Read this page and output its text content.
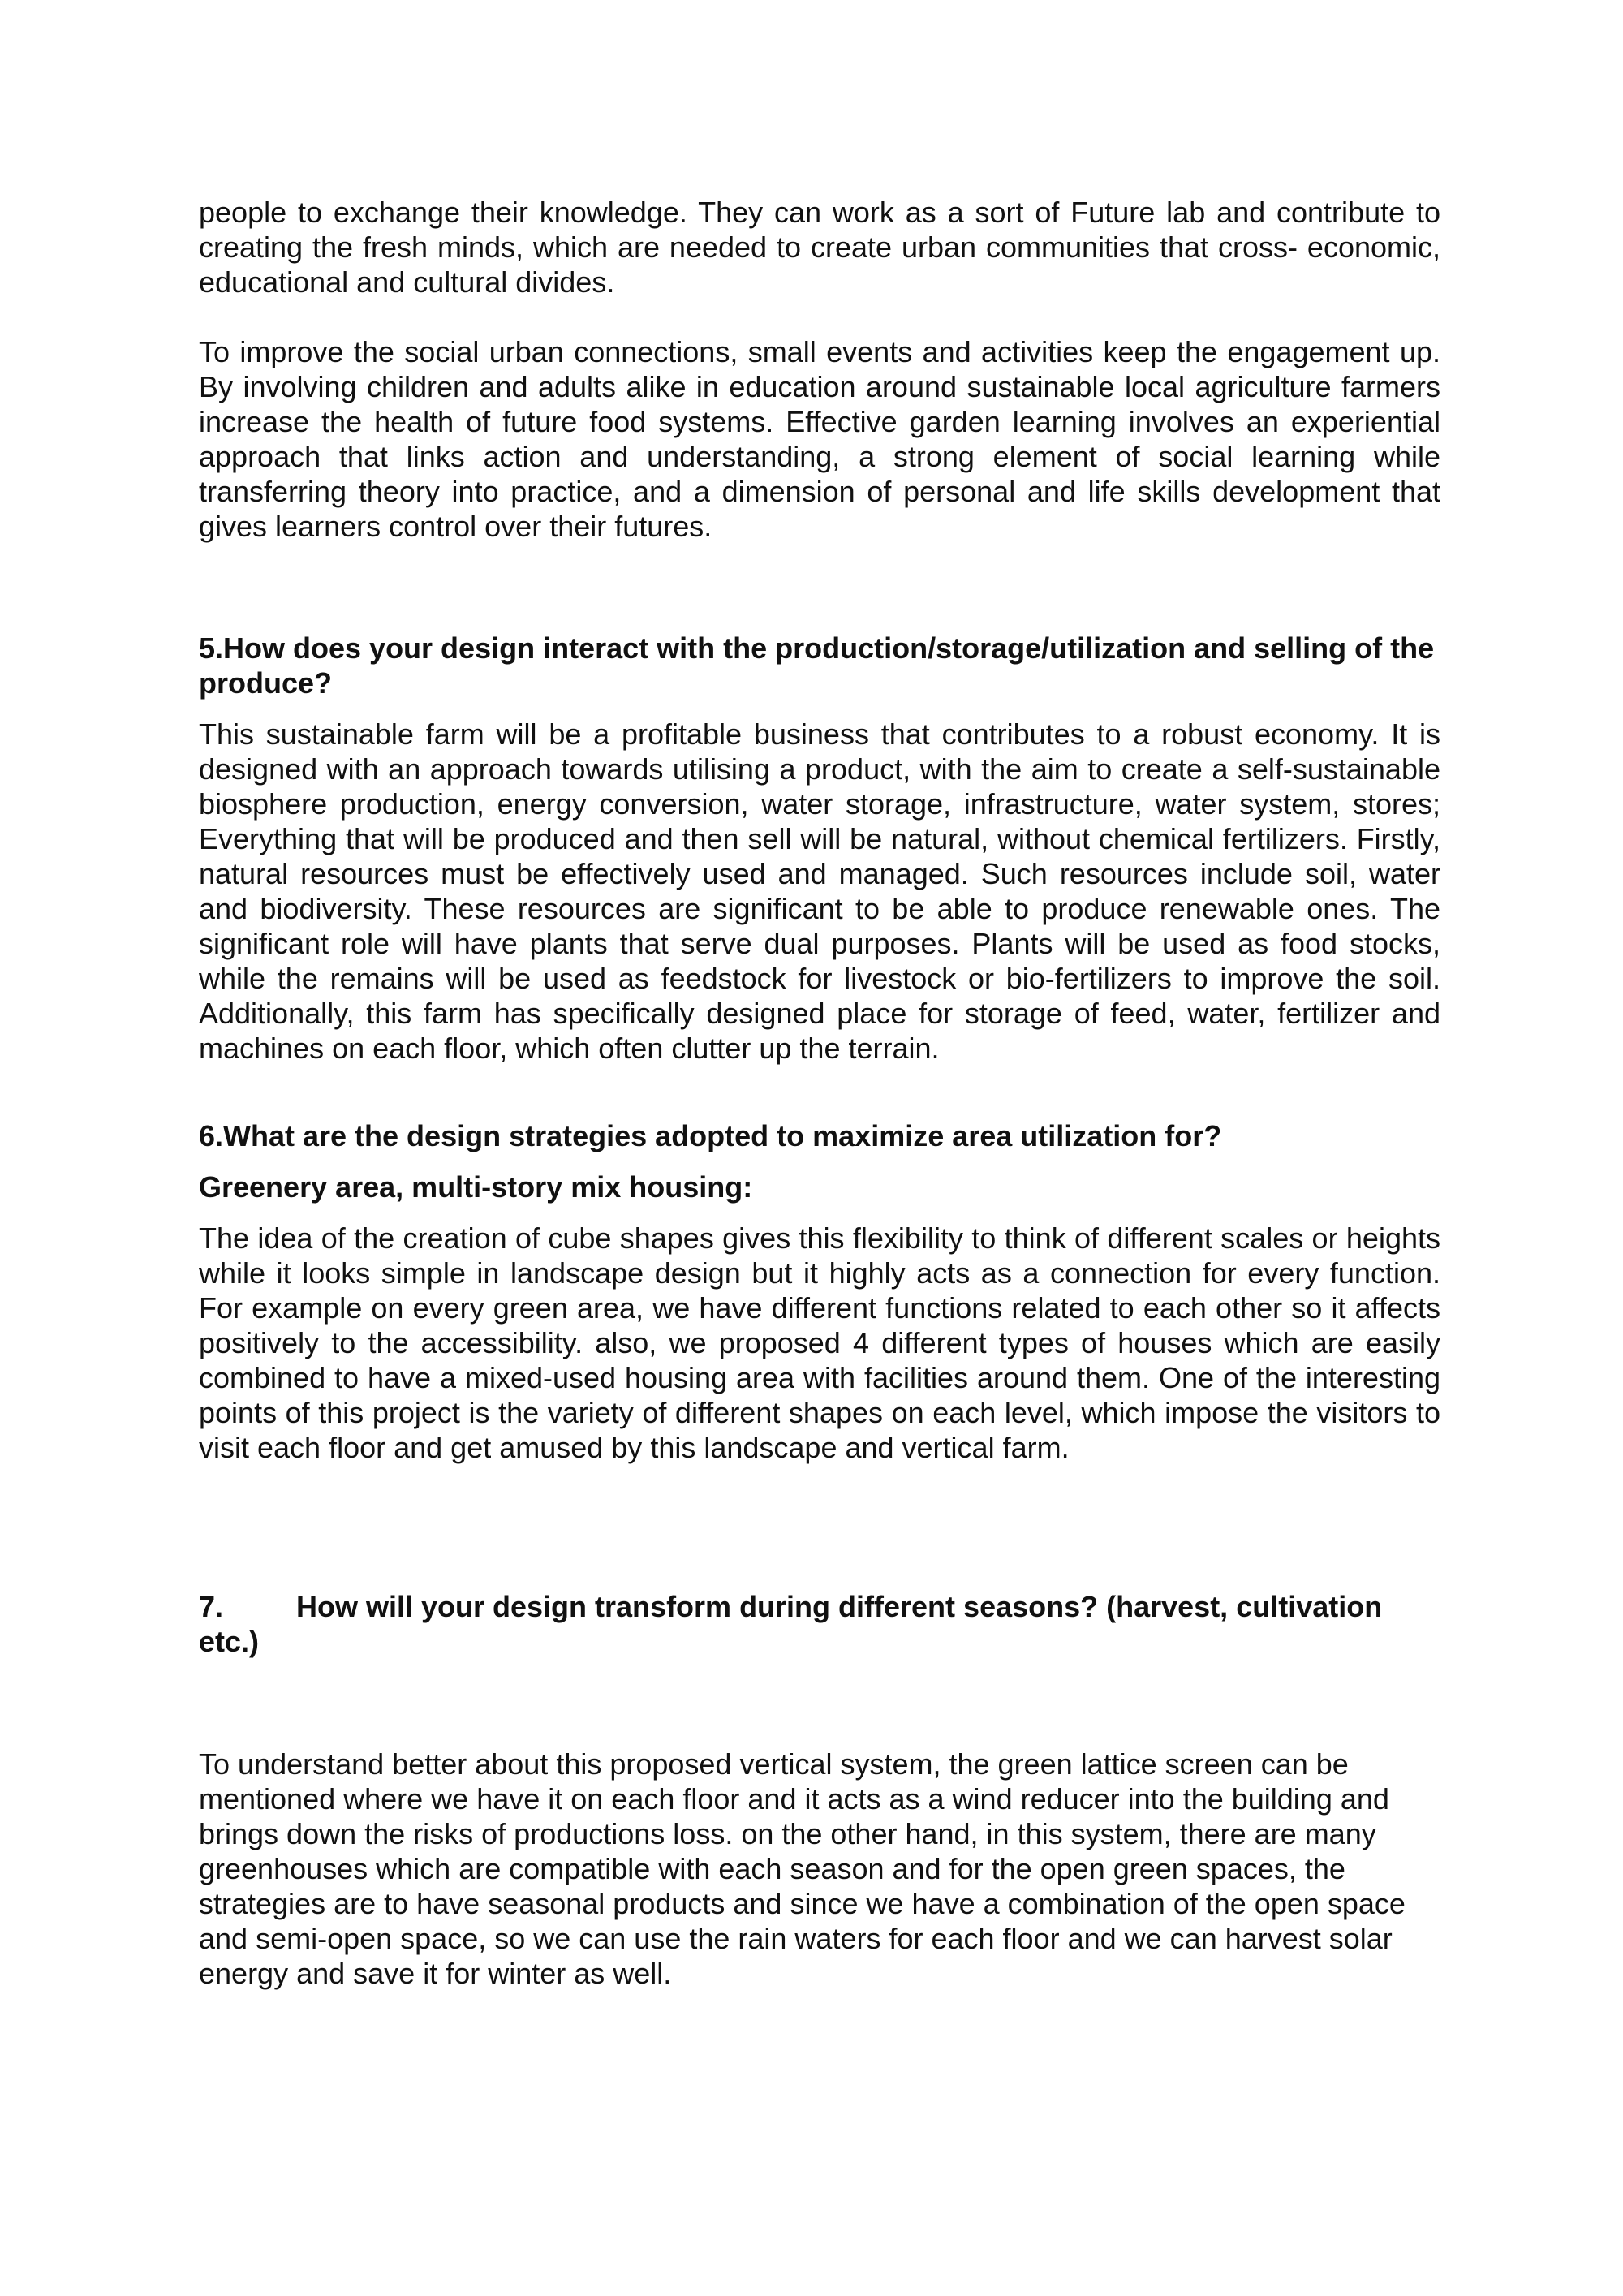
people to exchange their knowledge. They can work as a sort of Future lab and contribute to creating the fresh minds, which are needed to create urban communities that cross- economic, educational and cultural divides.

To improve the social urban connections, small events and activities keep the engagement up. By involving children and adults alike in education around sustainable local agriculture farmers increase the health of future food systems. Effective garden learning involves an experiential approach that links action and understanding, a strong element of social learning while transferring theory into practice, and a dimension of personal and life skills development that gives learners control over their futures.

5.How does your design interact with the production/storage/utilization and selling of the produce?

This sustainable farm will be a profitable business that contributes to a robust economy. It is designed with an approach towards utilising a product, with the aim to create a self-sustainable biosphere production, energy conversion, water storage, infrastructure, water system, stores; Everything that will be produced and then sell will be natural, without chemical fertilizers. Firstly, natural resources must be effectively used and managed. Such resources include soil, water and biodiversity. These resources are significant to be able to produce renewable ones. The significant role will have plants that serve dual purposes. Plants will be used as food stocks, while the remains will be used as feedstock for livestock or bio-fertilizers to improve the soil. Additionally, this farm has specifically designed place for storage of feed, water, fertilizer and machines on each floor, which often clutter up the terrain.

6.What are the design strategies adopted to maximize area utilization for?

Greenery area, multi-story mix housing:

The idea of the creation of cube shapes gives this flexibility to think of different scales or heights while it looks simple in landscape design but it highly acts as a connection for every function. For example on every green area, we have different functions related to each other so it affects positively to the accessibility. also, we proposed 4 different types of houses which are easily combined to have a mixed-used housing area with facilities around them. One of the interesting points of this project is the variety of different shapes on each level, which impose the visitors to visit each floor and get amused by this landscape and vertical farm.

7. How will your design transform during different seasons? (harvest, cultivation etc.)

To understand better about this proposed vertical system, the green lattice screen can be mentioned where we have it on each floor and it acts as a wind reducer into the building and brings down the risks of productions loss. on the other hand, in this system, there are many greenhouses which are compatible with each season and for the open green spaces, the strategies are to have seasonal products and since we have a combination of the open space and semi-open space, so we can use the rain waters for each floor and we can harvest solar energy and save it for winter as well.
